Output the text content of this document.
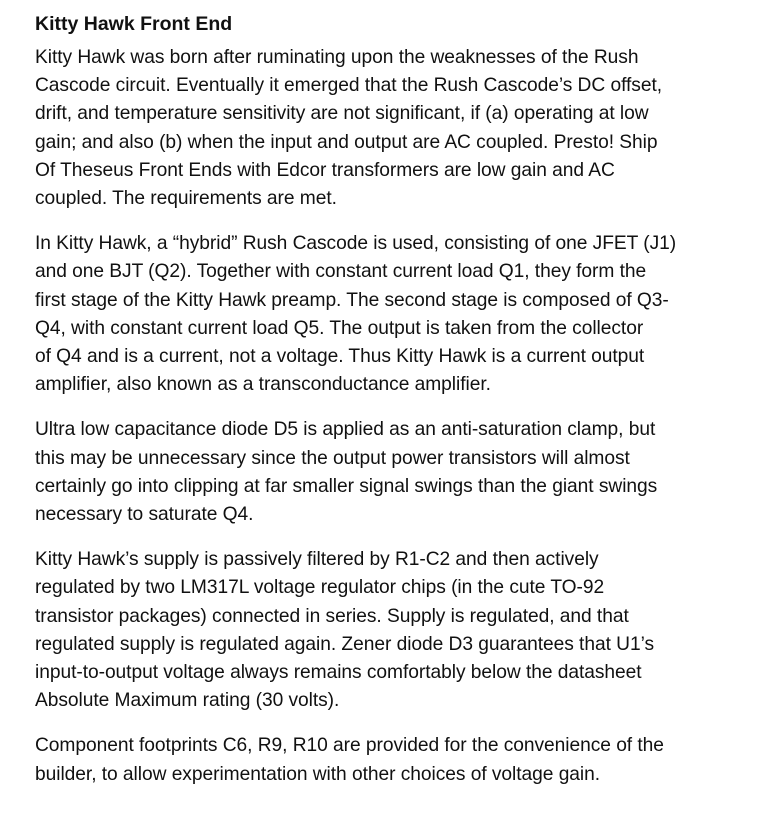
Kitty Hawk Front End
Kitty Hawk was born after ruminating upon the weaknesses of the Rush
Cascode circuit. Eventually it emerged that the Rush Cascode’s DC offset,
drift, and temperature sensitivity are not significant, if (a) operating at low
gain; and also (b) when the input and output are AC coupled. Presto! Ship
Of Theseus Front Ends with Edcor transformers are low gain and AC
coupled. The requirements are met.
In Kitty Hawk, a “hybrid” Rush Cascode is used, consisting of one JFET (J1)
and one BJT (Q2). Together with constant current load Q1, they form the
first stage of the Kitty Hawk preamp. The second stage is composed of Q3-
Q4, with constant current load Q5. The output is taken from the collector
of Q4 and is a current, not a voltage. Thus Kitty Hawk is a current output
amplifier, also known as a transconductance amplifier.
Ultra low capacitance diode D5 is applied as an anti-saturation clamp, but
this may be unnecessary since the output power transistors will almost
certainly go into clipping at far smaller signal swings than the giant swings
necessary to saturate Q4.
Kitty Hawk’s supply is passively filtered by R1-C2 and then actively
regulated by two LM317L voltage regulator chips (in the cute TO-92
transistor packages) connected in series. Supply is regulated, and that
regulated supply is regulated again. Zener diode D3 guarantees that U1’s
input-to-output voltage always remains comfortably below the datasheet
Absolute Maximum rating (30 volts).
Component footprints C6, R9, R10 are provided for the convenience of the
builder, to allow experimentation with other choices of voltage gain.
